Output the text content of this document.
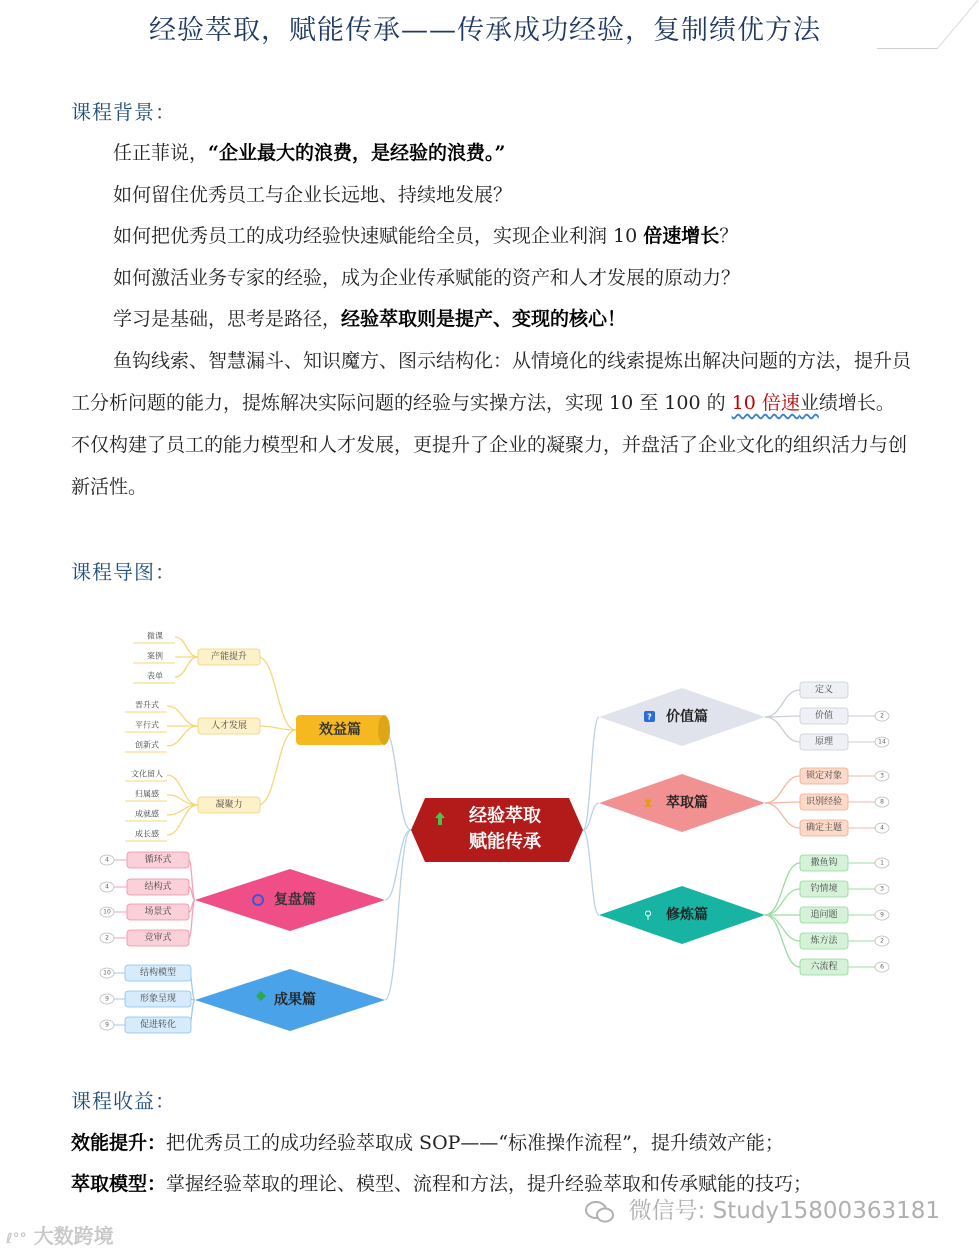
经验萃取，赋能传承——传承成功经验，复制绩优方法
课程背景：
任正菲说，“企业最大的浪费，是经验的浪费。”
如何留住优秀员工与企业长远地、持续地发展？
如何把优秀员工的成功经验快速赋能给全员，实现企业利润 10 倍速增长？
如何激活业务专家的经验，成为企业传承赋能的资产和人才发展的原动力？
学习是基础，思考是路径，经验萃取则是提产、变现的核心！
鱼钩线索、智慧漏斗、知识魔方、图示结构化：从情境化的线索提炼出解决问题的方法，提升员工分析问题的能力，提炼解决实际问题的经验与实操方法，实现 10 至 100 的 10 倍速业绩增长。不仅构建了员工的能力模型和人才发展，更提升了企业的凝聚力，并盘活了企业文化的组织活力与创新活性。
课程导图：
经验萃取
赋能传承
效益篇
产能提升
微课
案例
表单
人才发展
晋升式
平行式
创新式
凝聚力
文化留人
归属感
成就感
成长感
复盘篇
循环式
4
结构式
4
场景式
10
竞审式
2
成果篇
结构模型
10
形象呈现
9
促进转化
9
? 价值篇
定义
价值	2
原理	14
⧗ 萃取篇
锁定对象	3
识别经验	8
确定主题	4
⚲ 修炼篇
撒鱼钩	1
钓情境	3
追问题	9
炼方法	2
六流程	6
课程收益：
效能提升：把优秀员工的成功经验萃取成 SOP——“标准操作流程”，提升绩效产能；
萃取模型：掌握经验萃取的理论、模型、流程和方法，提升经验萃取和传承赋能的技巧；
ℓ°° 大数跨境
微信号: Study15800363181
